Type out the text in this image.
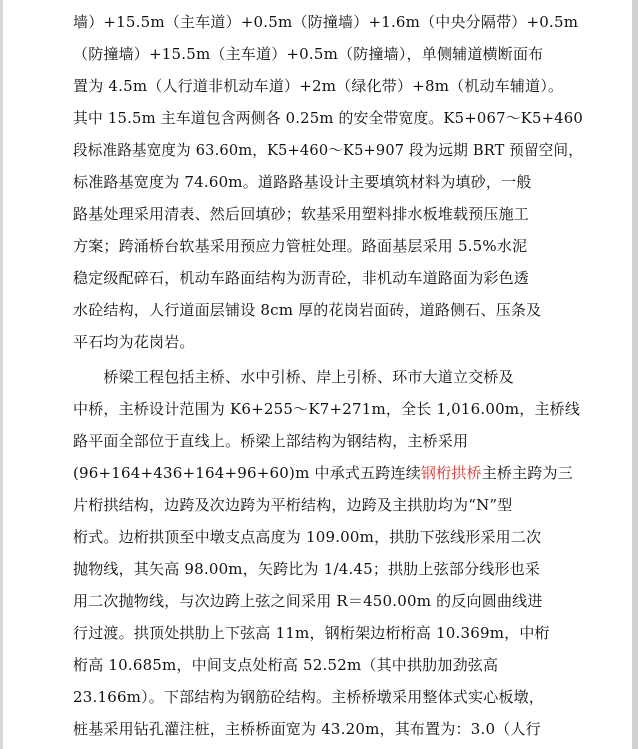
墙）+15.5m（主车道）+0.5m（防撞墙）+1.6m（中央分隔带）+0.5m
（防撞墙）+15.5m（主车道）+0.5m（防撞墙），单侧辅道横断面布
置为 4.5m（人行道非机动车道）+2m（绿化带）+8m（机动车辅道）。
其中 15.5m 主车道包含两侧各 0.25m 的安全带宽度。K5+067～K5+460
段标准路基宽度为 63.60m，K5+460～K5+907 段为远期 BRT 预留空间，
标准路基宽度为 74.60m。道路路基设计主要填筑材料为填砂，一般
路基处理采用清表、然后回填砂；软基采用塑料排水板堆载预压施工
方案；跨涌桥台软基采用预应力管桩处理。路面基层采用 5.5%水泥
稳定级配碎石，机动车路面结构为沥青砼，非机动车道路面为彩色透
水砼结构，人行道面层铺设 8cm 厚的花岗岩面砖，道路侧石、压条及
平石均为花岗岩。
　　桥梁工程包括主桥、水中引桥、岸上引桥、环市大道立交桥及
中桥，主桥设计范围为 K6+255～K7+271m，全长 1,016.00m，主桥线
路平面全部位于直线上。桥梁上部结构为钢结构，主桥采用
(96+164+436+164+96+60)m 中承式五跨连续钢桁拱桥主桥主跨为三
片桁拱结构，边跨及次边跨为平桁结构，边跨及主拱肋均为“N”型
桁式。边桁拱顶至中墩支点高度为 109.00m，拱肋下弦线形采用二次
抛物线，其矢高 98.00m，矢跨比为 1/4.45；拱肋上弦部分线形也采
用二次抛物线，与次边跨上弦之间采用 R＝450.00m 的反向圆曲线进
行过渡。拱顶处拱肋上下弦高 11m，钢桁架边桁桁高 10.369m，中桁
桁高 10.685m，中间支点处桁高 52.52m（其中拱肋加劲弦高
23.166m）。下部结构为钢筋砼结构。主桥桥墩采用整体式实心板墩，
桩基采用钻孔灌注桩，主桥桥面宽为 43.20m，其布置为：3.0（人行
